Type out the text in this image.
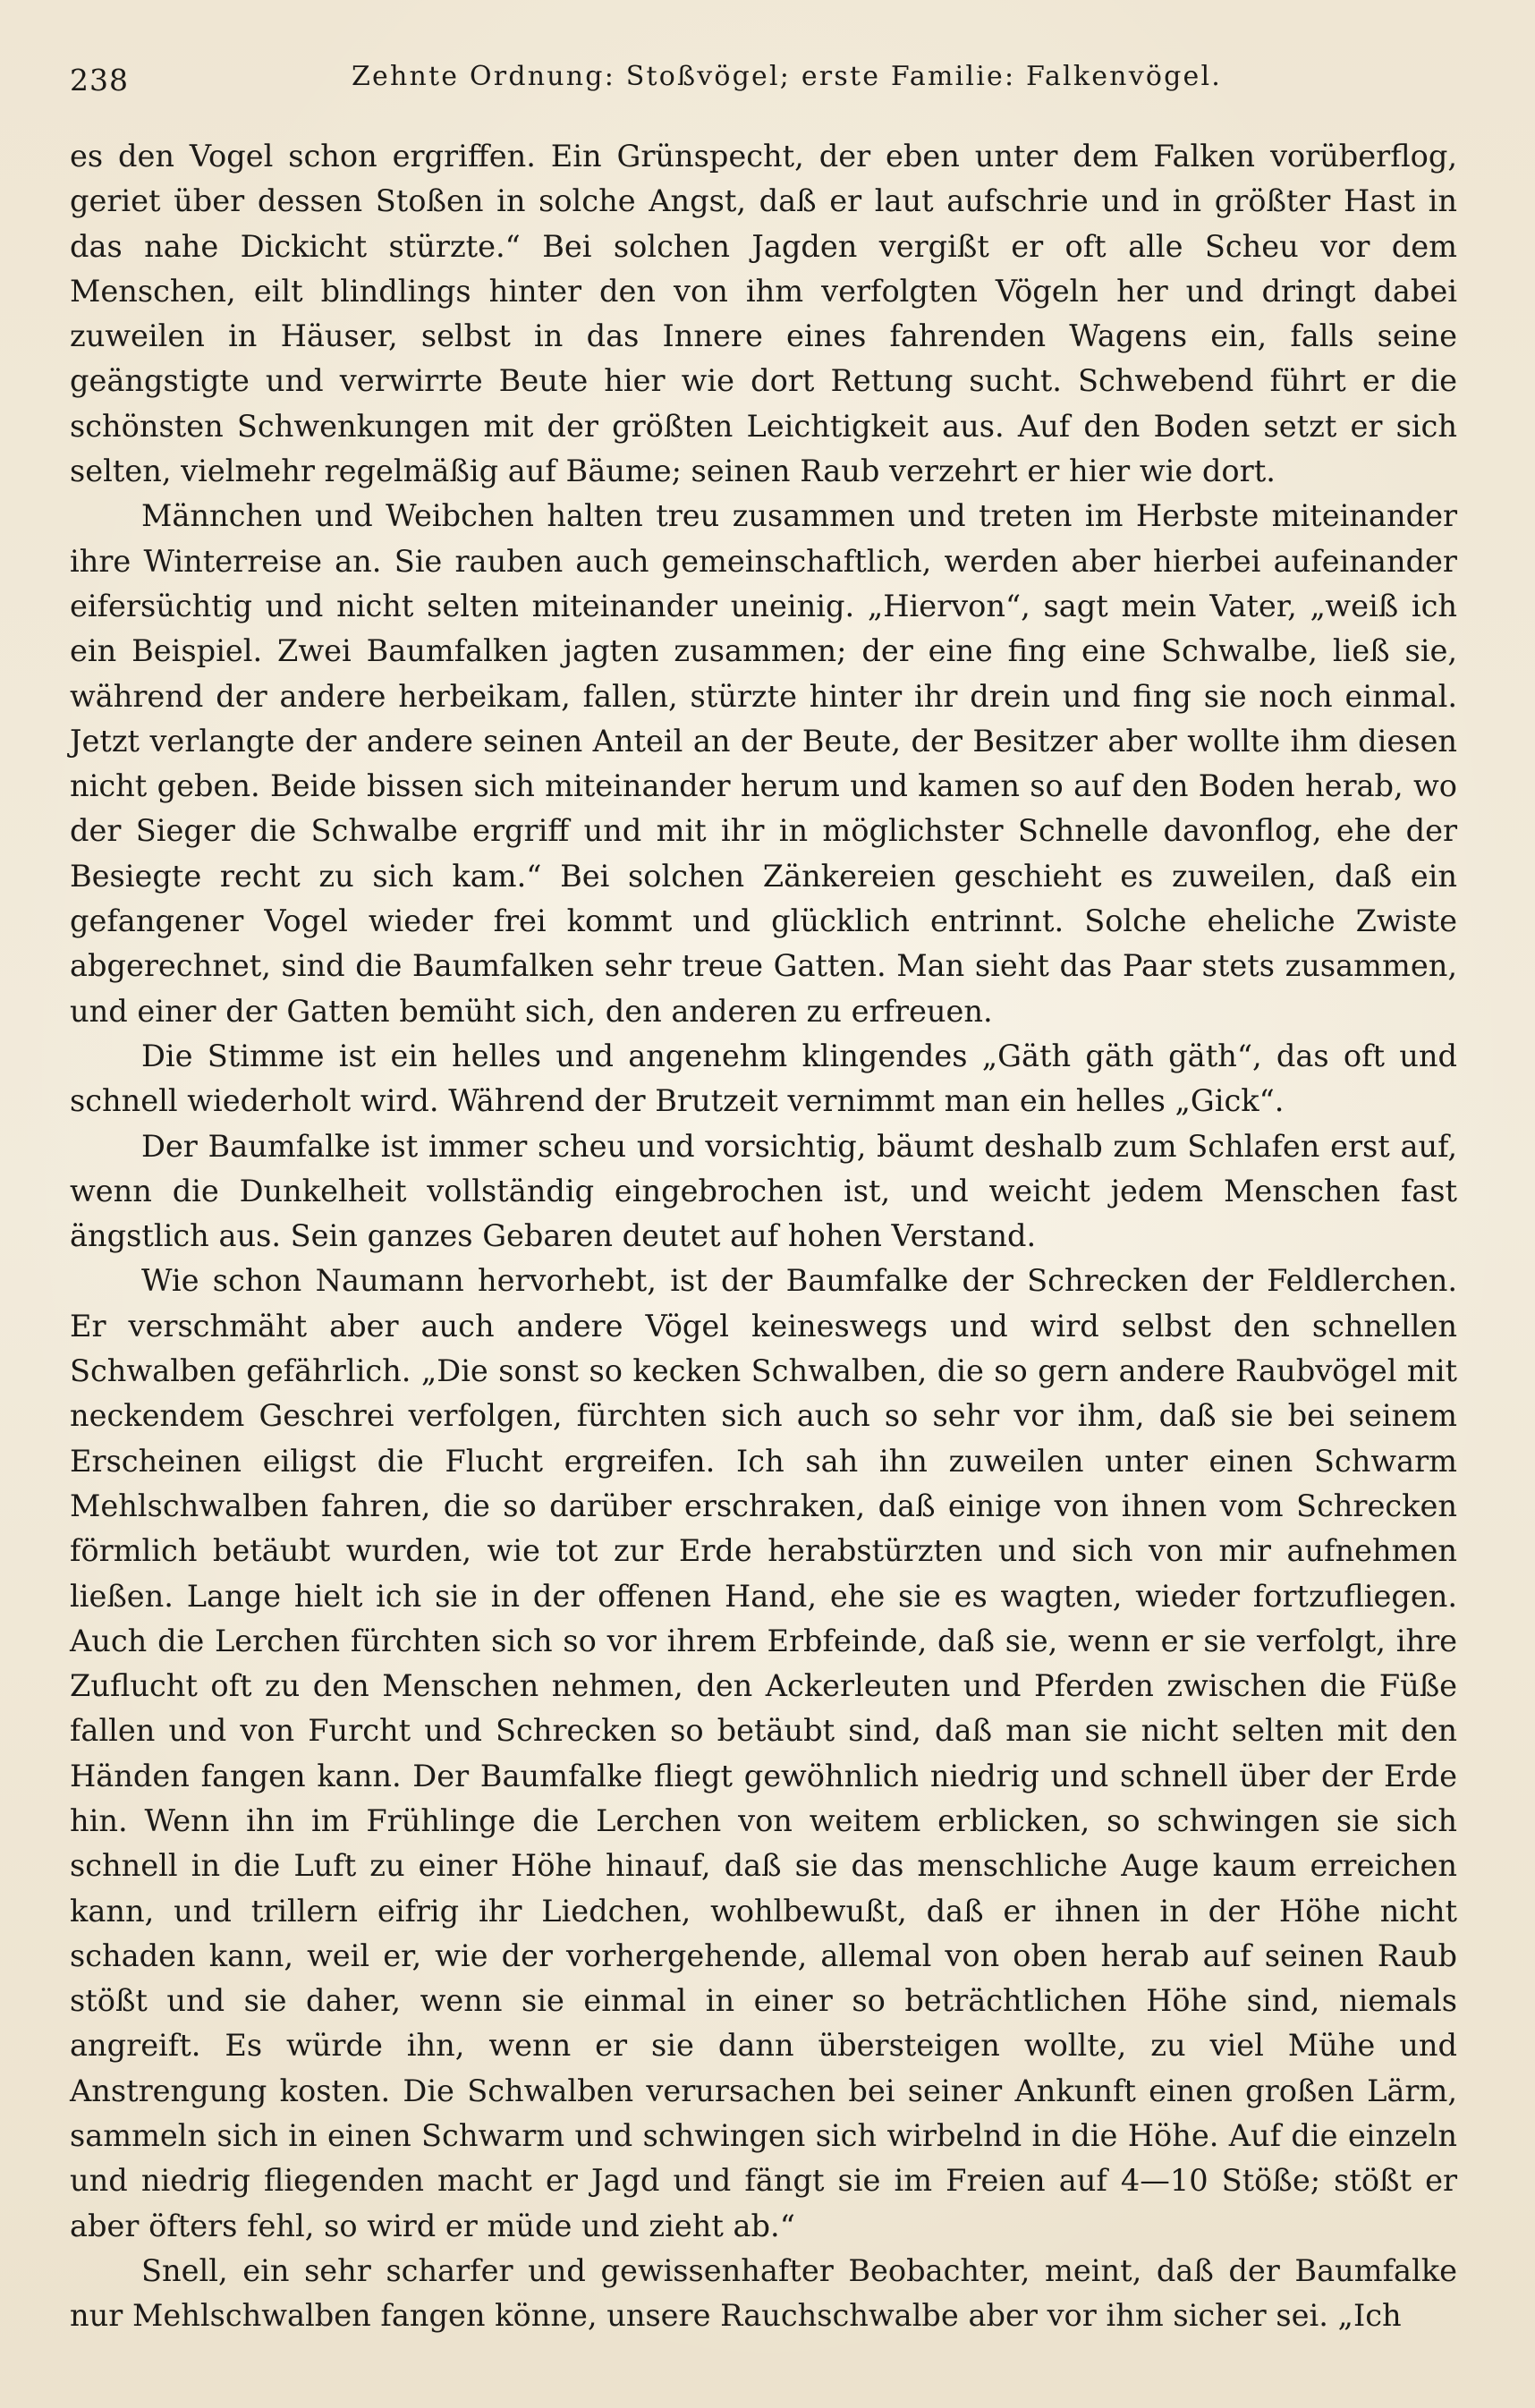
238	Zehnte Ordnung: Stoßvögel; erste Familie: Falkenvögel.

es den Vogel schon ergriffen. Ein Grünspecht, der eben unter dem Falken vorüberflog, geriet über dessen Stoßen in solche Angst, daß er laut aufschrie und in größter Hast in das nahe Dickicht stürzte.“ Bei solchen Jagden vergißt er oft alle Scheu vor dem Menschen, eilt blindlings hinter den von ihm verfolgten Vögeln her und dringt dabei zuweilen in Häuser, selbst in das Innere eines fahrenden Wagens ein, falls seine geängstigte und verwirrte Beute hier wie dort Rettung sucht. Schwebend führt er die schönsten Schwenkungen mit der größten Leichtigkeit aus. Auf den Boden setzt er sich selten, vielmehr regelmäßig auf Bäume; seinen Raub verzehrt er hier wie dort.

Männchen und Weibchen halten treu zusammen und treten im Herbste miteinander ihre Winterreise an. Sie rauben auch gemeinschaftlich, werden aber hierbei aufeinander eifersüchtig und nicht selten miteinander uneinig. „Hiervon“, sagt mein Vater, „weiß ich ein Beispiel. Zwei Baumfalken jagten zusammen; der eine fing eine Schwalbe, ließ sie, während der andere herbeikam, fallen, stürzte hinter ihr drein und fing sie noch einmal. Jetzt verlangte der andere seinen Anteil an der Beute, der Besitzer aber wollte ihm diesen nicht geben. Beide bissen sich miteinander herum und kamen so auf den Boden herab, wo der Sieger die Schwalbe ergriff und mit ihr in möglichster Schnelle davonflog, ehe der Besiegte recht zu sich kam.“ Bei solchen Zänkereien geschieht es zuweilen, daß ein gefangener Vogel wieder frei kommt und glücklich entrinnt. Solche eheliche Zwiste abgerechnet, sind die Baumfalken sehr treue Gatten. Man sieht das Paar stets zusammen, und einer der Gatten bemüht sich, den anderen zu erfreuen.

Die Stimme ist ein helles und angenehm klingendes „Gäth gäth gäth“, das oft und schnell wiederholt wird. Während der Brutzeit vernimmt man ein helles „Gick“.

Der Baumfalke ist immer scheu und vorsichtig, bäumt deshalb zum Schlafen erst auf, wenn die Dunkelheit vollständig eingebrochen ist, und weicht jedem Menschen fast ängstlich aus. Sein ganzes Gebaren deutet auf hohen Verstand.

Wie schon Naumann hervorhebt, ist der Baumfalke der Schrecken der Feldlerchen. Er verschmäht aber auch andere Vögel keineswegs und wird selbst den schnellen Schwalben gefährlich. „Die sonst so kecken Schwalben, die so gern andere Raubvögel mit neckendem Geschrei verfolgen, fürchten sich auch so sehr vor ihm, daß sie bei seinem Erscheinen eiligst die Flucht ergreifen. Ich sah ihn zuweilen unter einen Schwarm Mehlschwalben fahren, die so darüber erschraken, daß einige von ihnen vom Schrecken förmlich betäubt wurden, wie tot zur Erde herabstürzten und sich von mir aufnehmen ließen. Lange hielt ich sie in der offenen Hand, ehe sie es wagten, wieder fortzufliegen. Auch die Lerchen fürchten sich so vor ihrem Erbfeinde, daß sie, wenn er sie verfolgt, ihre Zuflucht oft zu den Menschen nehmen, den Ackerleuten und Pferden zwischen die Füße fallen und von Furcht und Schrecken so betäubt sind, daß man sie nicht selten mit den Händen fangen kann. Der Baumfalke fliegt gewöhnlich niedrig und schnell über der Erde hin. Wenn ihn im Frühlinge die Lerchen von weitem erblicken, so schwingen sie sich schnell in die Luft zu einer Höhe hinauf, daß sie das menschliche Auge kaum erreichen kann, und trillern eifrig ihr Liedchen, wohlbewußt, daß er ihnen in der Höhe nicht schaden kann, weil er, wie der vorhergehende, allemal von oben herab auf seinen Raub stößt und sie daher, wenn sie einmal in einer so beträchtlichen Höhe sind, niemals angreift. Es würde ihn, wenn er sie dann übersteigen wollte, zu viel Mühe und Anstrengung kosten. Die Schwalben verursachen bei seiner Ankunft einen großen Lärm, sammeln sich in einen Schwarm und schwingen sich wirbelnd in die Höhe. Auf die einzeln und niedrig fliegenden macht er Jagd und fängt sie im Freien auf 4—10 Stöße; stößt er aber öfters fehl, so wird er müde und zieht ab.“

Snell, ein sehr scharfer und gewissenhafter Beobachter, meint, daß der Baumfalke nur Mehlschwalben fangen könne, unsere Rauchschwalbe aber vor ihm sicher sei. „Ich
